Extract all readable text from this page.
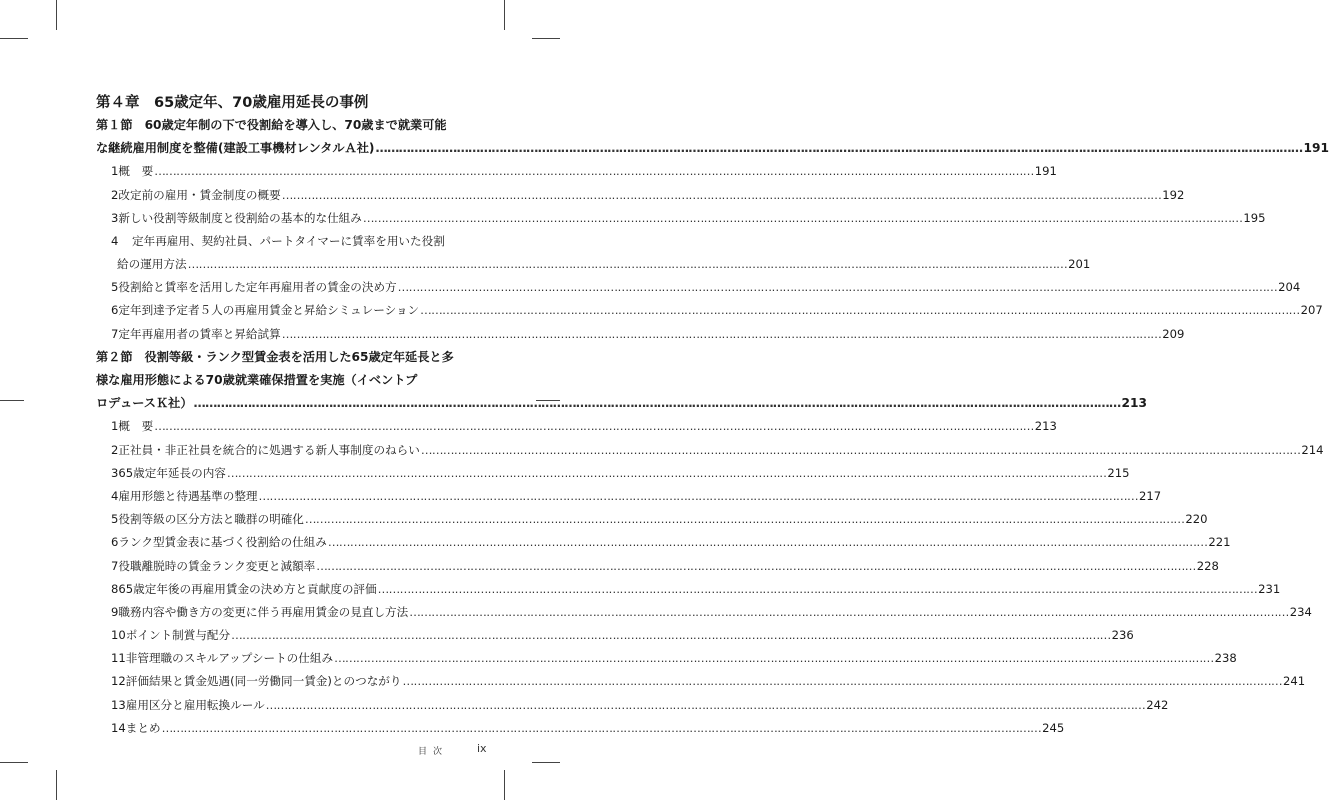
第４章　65歳定年、70歳雇用延長の事例
第１節 60歳定年制の下で役割給を導入し、70歳まで就業可能
な継続雇用制度を整備(建設工事機材レンタルＡ社) …………………………………………………………………………………………………………………………………………………………………………………………………………………… 191
1 概　要 …………………………………………………………………………………………………………………………………………………………………………………………………………………… 191
2 改定前の雇用・賃金制度の概要 …………………………………………………………………………………………………………………………………………………………………………………………………………………… 192
3 新しい役割等級制度と役割給の基本的な仕組み …………………………………………………………………………………………………………………………………………………………………………………………………………………… 195
4	定年再雇用、契約社員、パートタイマーに賃率を用いた役割
給の運用方法 …………………………………………………………………………………………………………………………………………………………………………………………………………………… 201
5 役割給と賃率を活用した定年再雇用者の賃金の決め方 …………………………………………………………………………………………………………………………………………………………………………………………………………………… 204
6 定年到達予定者５人の再雇用賃金と昇給シミュレーション …………………………………………………………………………………………………………………………………………………………………………………………………………………… 207
7 定年再雇用者の賃率と昇給試算 …………………………………………………………………………………………………………………………………………………………………………………………………………………… 209
第２節 役割等級・ランク型賃金表を活用した65歳定年延長と多
様な雇用形態による70歳就業確保措置を実施（イベントプ
ロデュースＫ社） …………………………………………………………………………………………………………………………………………………………………………………………………………………… 213
1 概　要 …………………………………………………………………………………………………………………………………………………………………………………………………………………… 213
2 正社員・非正社員を統合的に処遇する新人事制度のねらい …………………………………………………………………………………………………………………………………………………………………………………………………………………… 214
3 65歳定年延長の内容 …………………………………………………………………………………………………………………………………………………………………………………………………………………… 215
4 雇用形態と待遇基準の整理 …………………………………………………………………………………………………………………………………………………………………………………………………………………… 217
5 役割等級の区分方法と職群の明確化 …………………………………………………………………………………………………………………………………………………………………………………………………………………… 220
6 ランク型賃金表に基づく役割給の仕組み …………………………………………………………………………………………………………………………………………………………………………………………………………………… 221
7 役職離脱時の賃金ランク変更と減額率 …………………………………………………………………………………………………………………………………………………………………………………………………………………… 228
8 65歳定年後の再雇用賃金の決め方と貢献度の評価 …………………………………………………………………………………………………………………………………………………………………………………………………………………… 231
9 職務内容や働き方の変更に伴う再雇用賃金の見直し方法 …………………………………………………………………………………………………………………………………………………………………………………………………………………… 234
10 ポイント制賞与配分 …………………………………………………………………………………………………………………………………………………………………………………………………………………… 236
11 非管理職のスキルアップシートの仕組み …………………………………………………………………………………………………………………………………………………………………………………………………………………… 238
12 評価結果と賃金処遇(同一労働同一賃金)とのつながり …………………………………………………………………………………………………………………………………………………………………………………………………………………… 241
13 雇用区分と雇用転換ルール …………………………………………………………………………………………………………………………………………………………………………………………………………………… 242
14 まとめ …………………………………………………………………………………………………………………………………………………………………………………………………………………… 245
目次	ix
